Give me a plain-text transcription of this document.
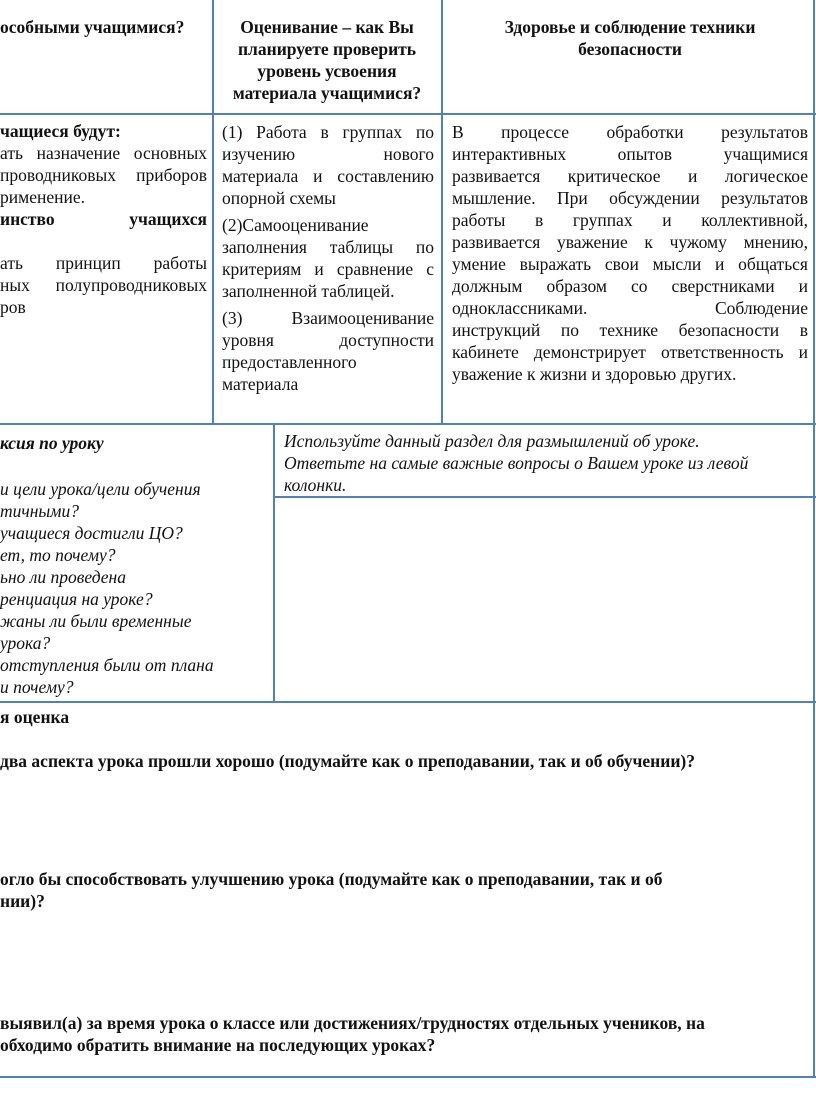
особными учащимися?	Оценивание – как Вы планируете проверить уровень усвоения материала учащимися?
Здоровье и соблюдение техники безопасности

чащиеся будут:

ать назначение основных

проводниковых приборов

рименение.

инство учащихся

ать принцип работы

ных полупроводниковых

ров

(1) Работа в группах по

изучению нового

материала и составлению

опорной схемы

(2)Самооценивание

заполнения таблицы по

критериям и сравнение с

заполненной таблицей.

(3) Взаимооценивание

уровня доступности

предоставленного

материала

В процессе обработки результатов

интерактивных опытов учащимися

развивается критическое и логическое

мышление. При обсуждении результатов

работы в группах и коллективной,

развивается уважение к чужому мнению,

умение выражать свои мысли и общаться

должным образом со сверстниками и

одноклассниками. Соблюдение

инструкций по технике безопасности в

кабинете демонстрирует ответственность и

уважение к жизни и здоровью других.

ксия по уроку

и цели урока/цели обучения

тичными?

учащиеся достигли ЦО?

ет, то почему?

ьно ли проведена

ренциация на уроке?

жаны ли были временные

урока?

отступления были от плана

и почему?

Используйте данный раздел для размышлений об уроке.

Ответьте на самые важные вопросы о Вашем уроке из левой

колонки.

я оценка
два аспекта урока прошли хорошо (подумайте как о преподавании, так и об обучении)?

огло бы способствовать улучшению урока (подумайте как о преподавании, так и об

нии)?

выявил(а) за время урока о классе или достижениях/трудностях отдельных учеников, на

обходимо обратить внимание на последующих уроках?
